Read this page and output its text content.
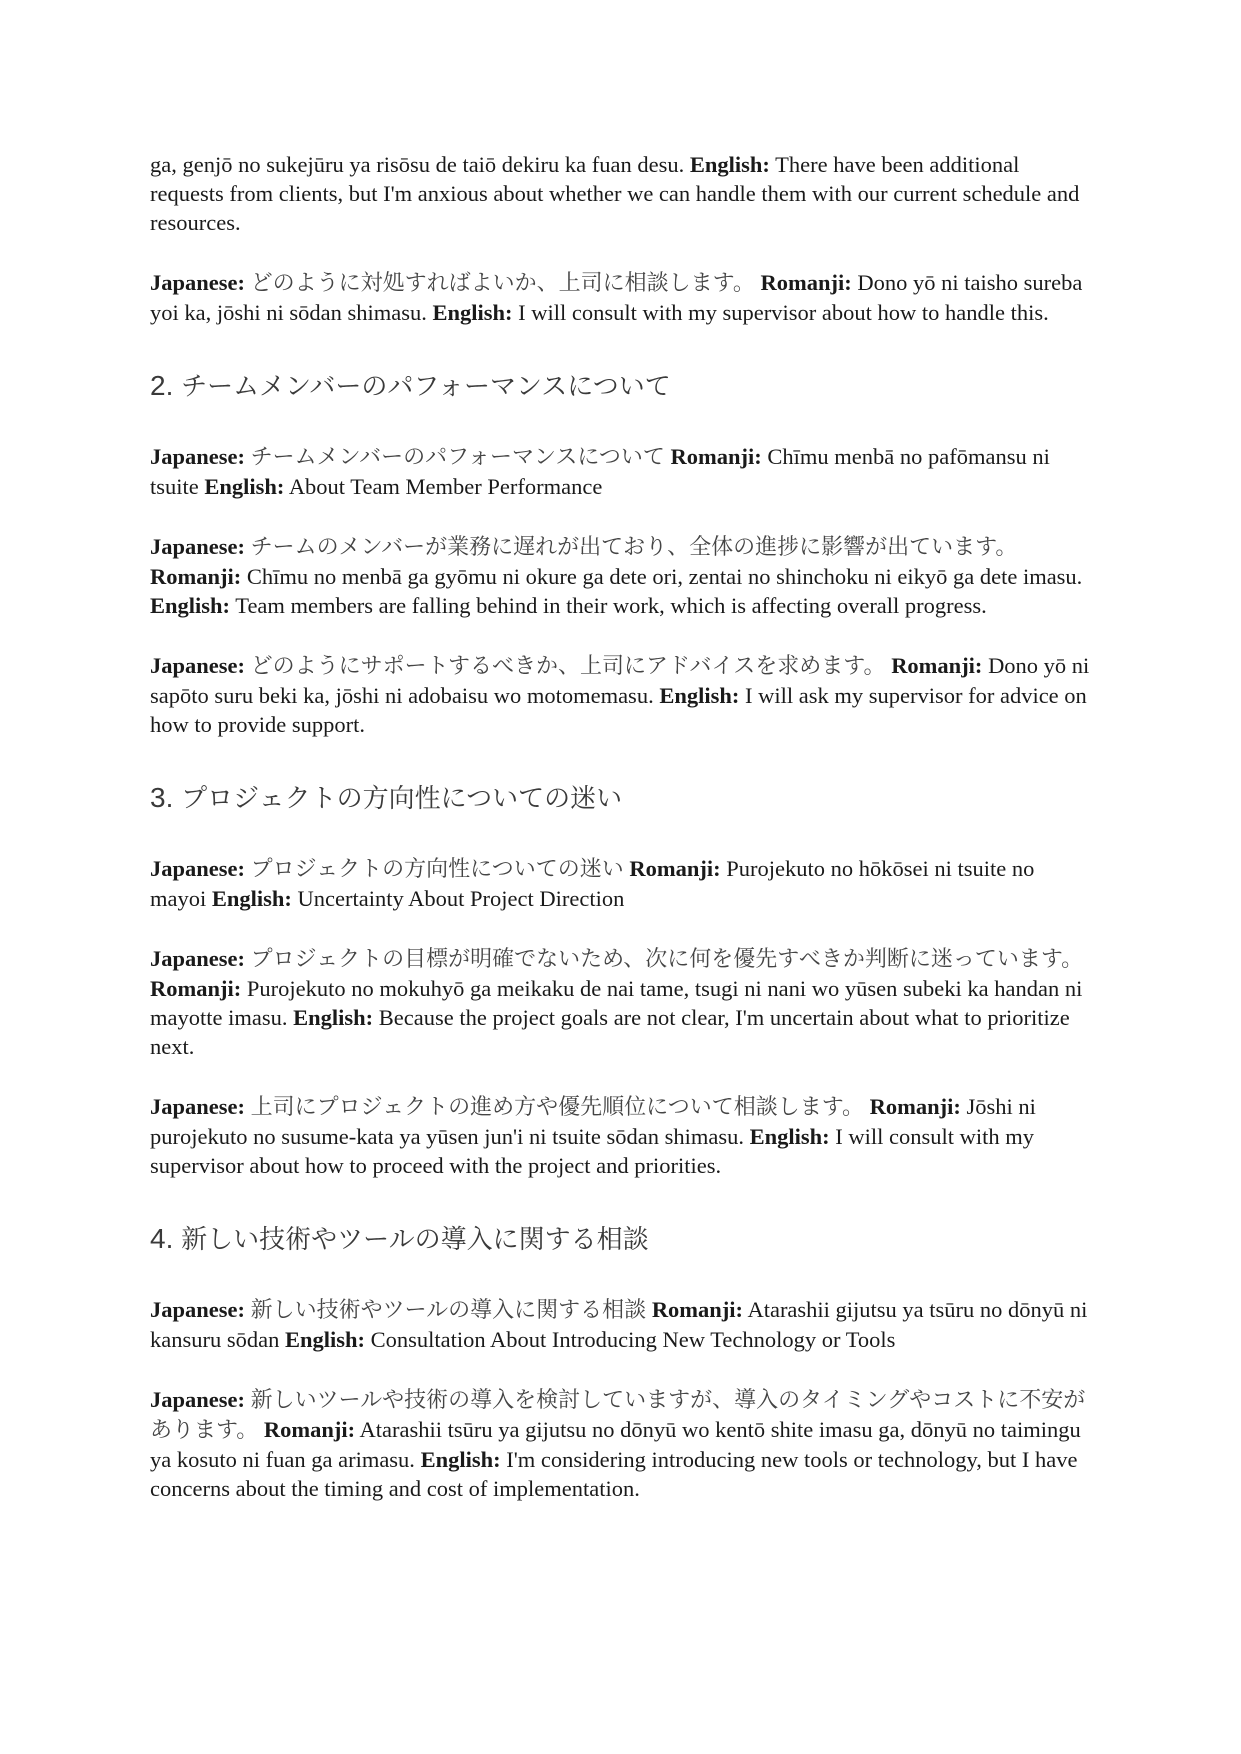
ga, genjō no sukejūru ya risōsu de taiō dekiru ka fuan desu. English: There have been additional requests from clients, but I'm anxious about whether we can handle them with our current schedule and resources.

Japanese: どのように対処すればよいか、上司に相談します。 Romanji: Dono yō ni taisho sureba yoi ka, jōshi ni sōdan shimasu. English: I will consult with my supervisor about how to handle this.

2. チームメンバーのパフォーマンスについて

Japanese: チームメンバーのパフォーマンスについて Romanji: Chīmu menbā no pafōmansu ni tsuite English: About Team Member Performance

Japanese: チームのメンバーが業務に遅れが出ており、全体の進捗に影響が出ています。 Romanji: Chīmu no menbā ga gyōmu ni okure ga dete ori, zentai no shinchoku ni eikyō ga dete imasu. English: Team members are falling behind in their work, which is affecting overall progress.

Japanese: どのようにサポートするべきか、上司にアドバイスを求めます。 Romanji: Dono yō ni sapōto suru beki ka, jōshi ni adobaisu wo motomemasu. English: I will ask my supervisor for advice on how to provide support.

3. プロジェクトの方向性についての迷い

Japanese: プロジェクトの方向性についての迷い Romanji: Purojekuto no hōkōsei ni tsuite no mayoi English: Uncertainty About Project Direction

Japanese: プロジェクトの目標が明確でないため、次に何を優先すべきか判断に迷っています。 Romanji: Purojekuto no mokuhyō ga meikaku de nai tame, tsugi ni nani wo yūsen subeki ka handan ni mayotte imasu. English: Because the project goals are not clear, I'm uncertain about what to prioritize next.

Japanese: 上司にプロジェクトの進め方や優先順位について相談します。 Romanji: Jōshi ni purojekuto no susume-kata ya yūsen jun'i ni tsuite sōdan shimasu. English: I will consult with my supervisor about how to proceed with the project and priorities.

4. 新しい技術やツールの導入に関する相談

Japanese: 新しい技術やツールの導入に関する相談 Romanji: Atarashii gijutsu ya tsūru no dōnyū ni kansuru sōdan English: Consultation About Introducing New Technology or Tools

Japanese: 新しいツールや技術の導入を検討していますが、導入のタイミングやコストに不安があります。 Romanji: Atarashii tsūru ya gijutsu no dōnyū wo kentō shite imasu ga, dōnyū no taimingu ya kosuto ni fuan ga arimasu. English: I'm considering introducing new tools or technology, but I have concerns about the timing and cost of implementation.
